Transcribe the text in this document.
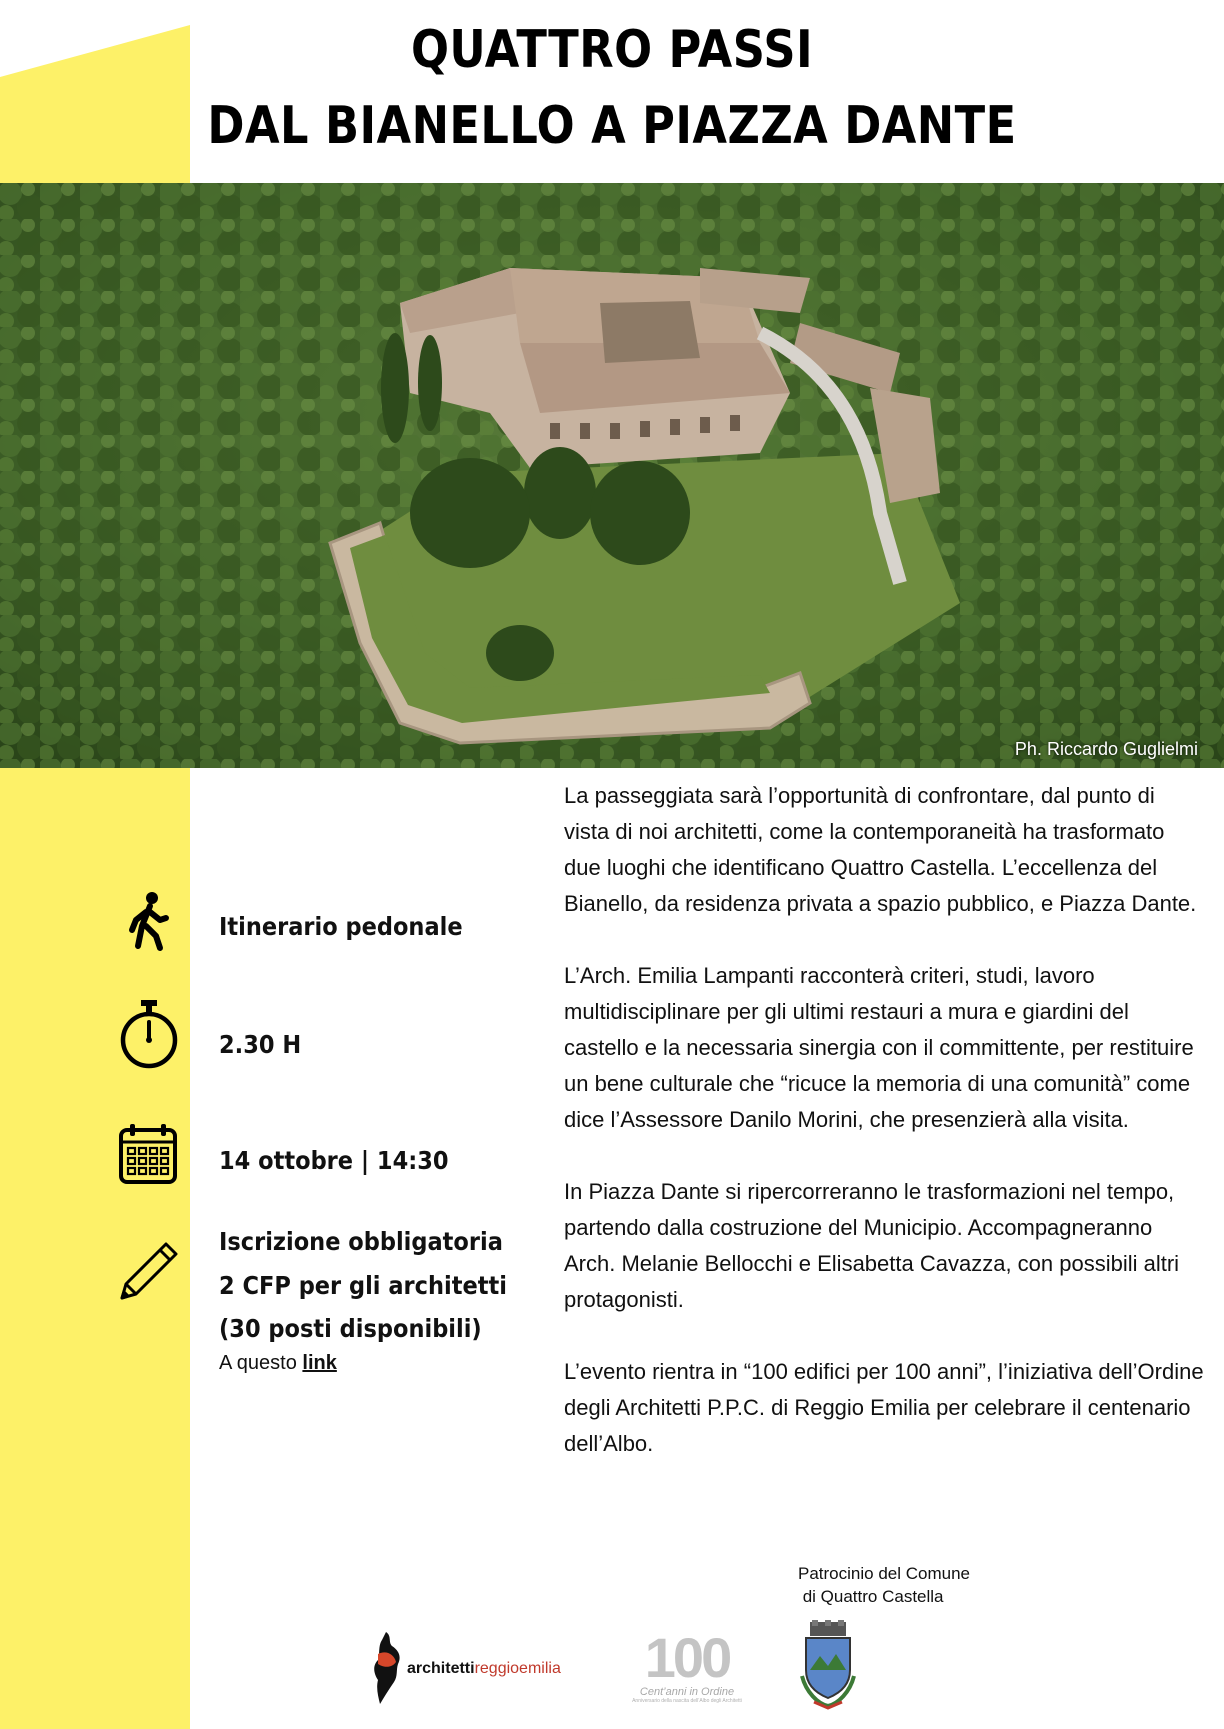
QUATTRO PASSI
DAL BIANELLO A PIAZZA DANTE
Ph. Riccardo Guglielmi
Itinerario pedonale
2.30 H
14 ottobre | 14:30
Iscrizione obbligatoria
2 CFP per gli architetti
(30 posti disponibili)
A questo link

La passeggiata sarà l’opportunità di confrontare, dal punto di vista di noi architetti, come la contemporaneità ha trasformato due luoghi che identificano Quattro Castella. L’eccellenza del Bianello, da residenza privata a spazio pubblico, e Piazza Dante.

L’Arch. Emilia Lampanti racconterà criteri, studi, lavoro multidisciplinare per gli ultimi restauri a mura e giardini del castello e la necessaria sinergia con il committente, per restituire un bene culturale che “ricuce la memoria di una comunità” come dice l’Assessore Danilo Morini, che presenzierà alla visita.

In Piazza Dante si ripercorreranno le trasformazioni nel tempo, partendo dalla costruzione del Municipio. Accompagneranno Arch. Melanie Bellocchi e Elisabetta Cavazza, con possibili altri protagonisti.

L’evento rientra in “100 edifici per 100 anni”, l’iniziativa dell’Ordine degli Architetti P.P.C. di Reggio Emilia per celebrare il centenario dell’Albo.

Patrocinio del Comune
di Quattro Castella
architettireggioemilia	100
Cent’anni in Ordine
Anniversario della nascita dell’Albo degli Architetti
